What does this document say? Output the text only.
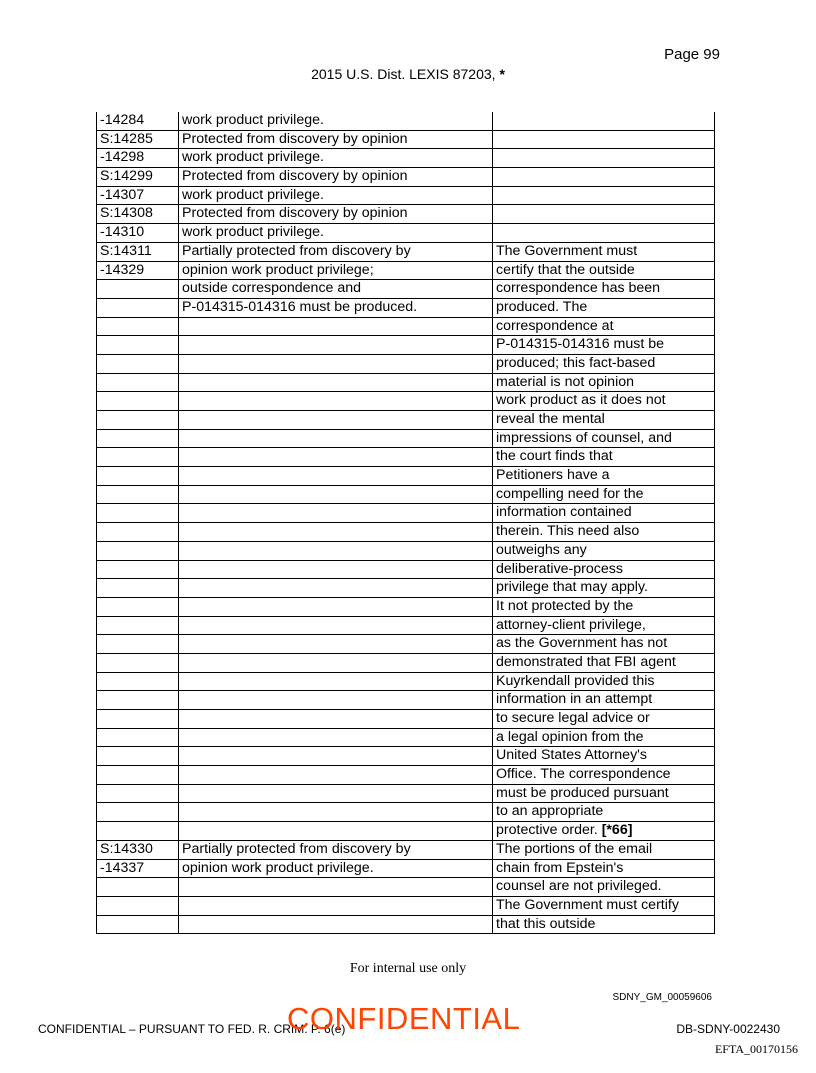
Page 99
2015 U.S. Dist. LEXIS 87203, *
-14284	work product privilege.	
S:14285	Protected from discovery by opinion	
-14298	work product privilege.	
S:14299	Protected from discovery by opinion	
-14307	work product privilege.	
S:14308	Protected from discovery by opinion	
-14310	work product privilege.	
S:14311	Partially protected from discovery by	The Government must
-14329	opinion work product privilege;	certify that the outside
	outside correspondence and	correspondence has been
	P-014315-014316 must be produced.	produced. The
		correspondence at
		P-014315-014316 must be
		produced; this fact-based
		material is not opinion
		work product as it does not
		reveal the mental
		impressions of counsel, and
		the court finds that
		Petitioners have a
		compelling need for the
		information contained
		therein. This need also
		outweighs any
		deliberative-process
		privilege that may apply.
		It not protected by the
		attorney-client privilege,
		as the Government has not
		demonstrated that FBI agent
		Kuyrkendall provided this
		information in an attempt
		to secure legal advice or
		a legal opinion from the
		United States Attorney's
		Office. The correspondence
		must be produced pursuant
		to an appropriate
		protective order. [*66]
S:14330	Partially protected from discovery by	The portions of the email
-14337	opinion work product privilege.	chain from Epstein's
		counsel are not privileged.
		The Government must certify
		that this outside
For internal use only
SDNY_GM_00059606
CONFIDENTIAL – PURSUANT TO FED. R. CRIM. P. 6(e)
CONFIDENTIAL	DB-SDNY-0022430
EFTA_00170156
